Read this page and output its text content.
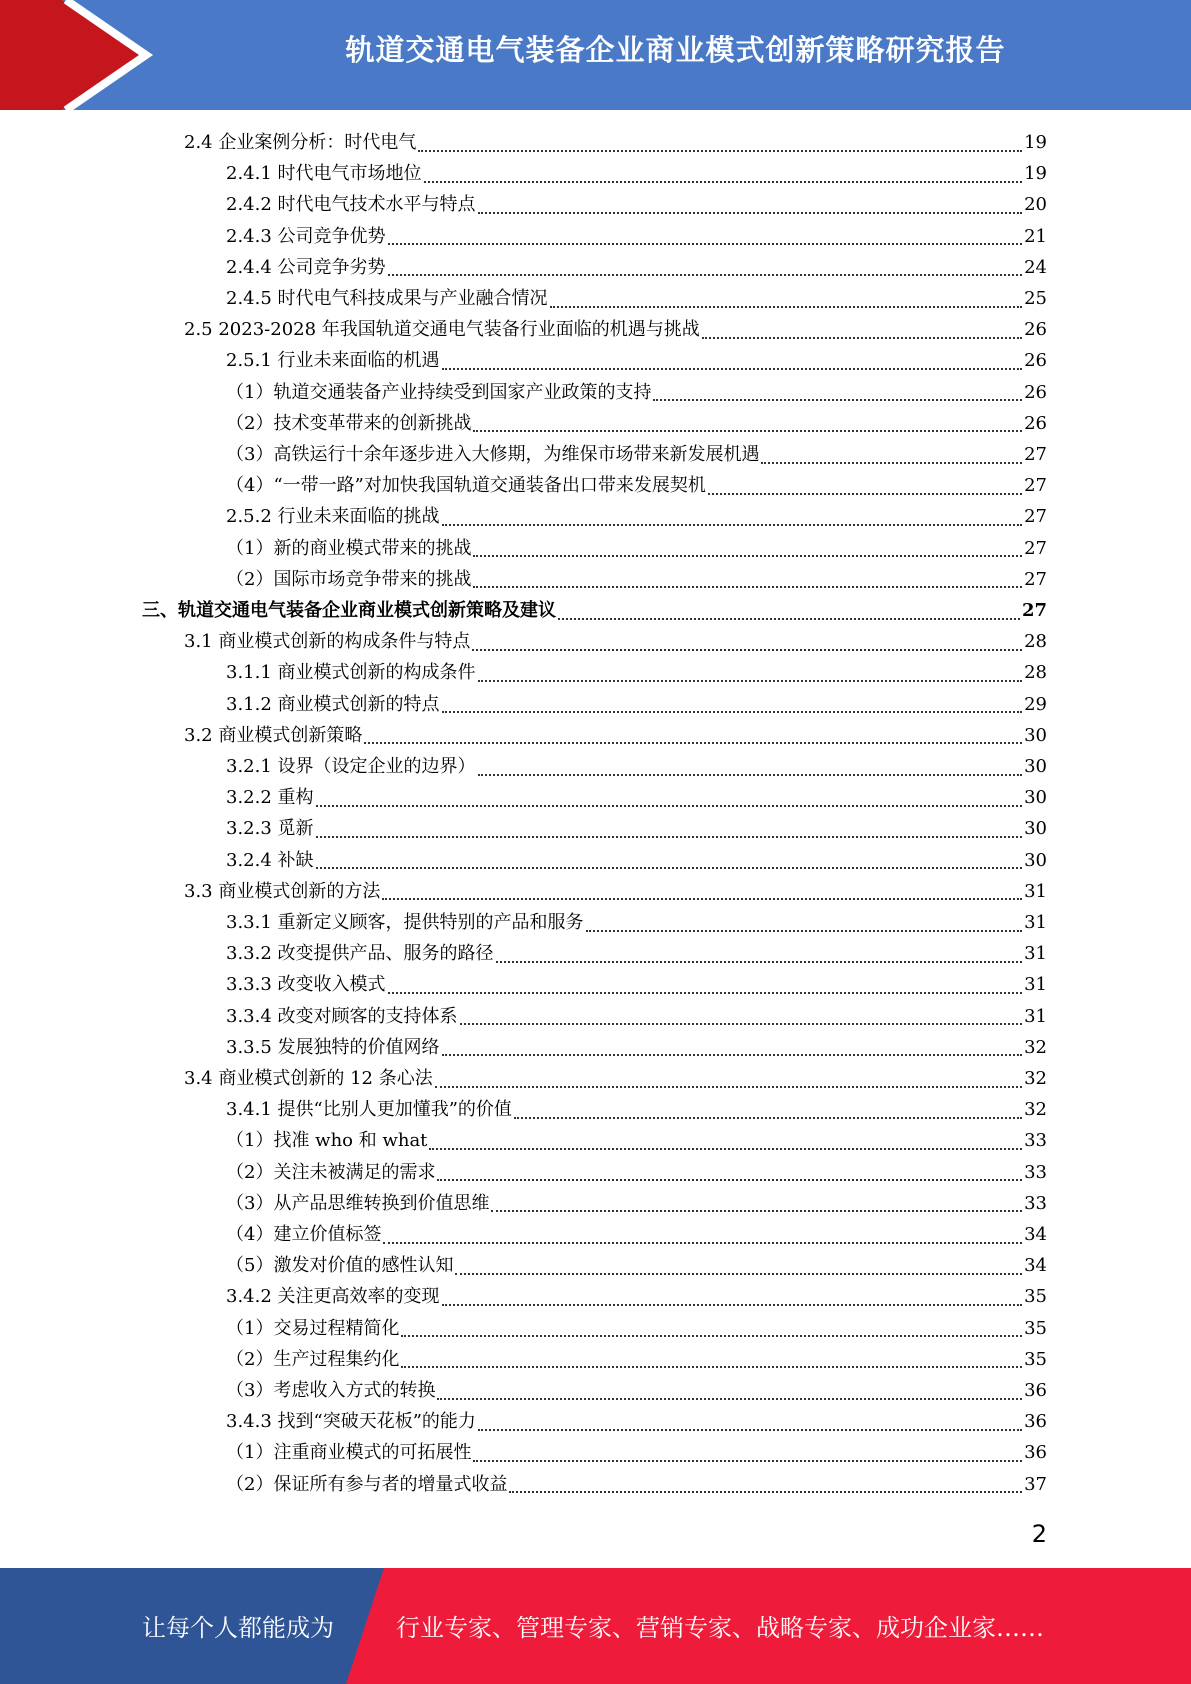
轨道交通电气装备企业商业模式创新策略研究报告
2.4 企业案例分析：时代电气	19
2.4.1 时代电气市场地位	19
2.4.2 时代电气技术水平与特点	20
2.4.3 公司竞争优势	21
2.4.4 公司竞争劣势	24
2.4.5 时代电气科技成果与产业融合情况	25
2.5 2023-2028 年我国轨道交通电气装备行业面临的机遇与挑战	26
2.5.1 行业未来面临的机遇	26
（1）轨道交通装备产业持续受到国家产业政策的支持	26
（2）技术变革带来的创新挑战	26
（3）高铁运行十余年逐步进入大修期，为维保市场带来新发展机遇	27
（4）“一带一路”对加快我国轨道交通装备出口带来发展契机	27
2.5.2 行业未来面临的挑战	27
（1）新的商业模式带来的挑战	27
（2）国际市场竞争带来的挑战	27
三、轨道交通电气装备企业商业模式创新策略及建议	27
3.1 商业模式创新的构成条件与特点	28
3.1.1 商业模式创新的构成条件	28
3.1.2 商业模式创新的特点	29
3.2 商业模式创新策略	30
3.2.1 设界（设定企业的边界）	30
3.2.2 重构	30
3.2.3 觅新	30
3.2.4 补缺	30
3.3 商业模式创新的方法	31
3.3.1 重新定义顾客，提供特别的产品和服务	31
3.3.2 改变提供产品、服务的路径	31
3.3.3 改变收入模式	31
3.3.4 改变对顾客的支持体系	31
3.3.5 发展独特的价值网络	32
3.4 商业模式创新的 12 条心法	32
3.4.1 提供“比别人更加懂我”的价值	32
（1）找准 who 和 what	33
（2）关注未被满足的需求	33
（3）从产品思维转换到价值思维	33
（4）建立价值标签	34
（5）激发对价值的感性认知	34
3.4.2 关注更高效率的变现	35
（1）交易过程精简化	35
（2）生产过程集约化	35
（3）考虑收入方式的转换	36
3.4.3 找到“突破天花板”的能力	36
（1）注重商业模式的可拓展性	36
（2）保证所有参与者的增量式收益	37
2
让每个人都能成为	行业专家、管理专家、营销专家、战略专家、成功企业家……
